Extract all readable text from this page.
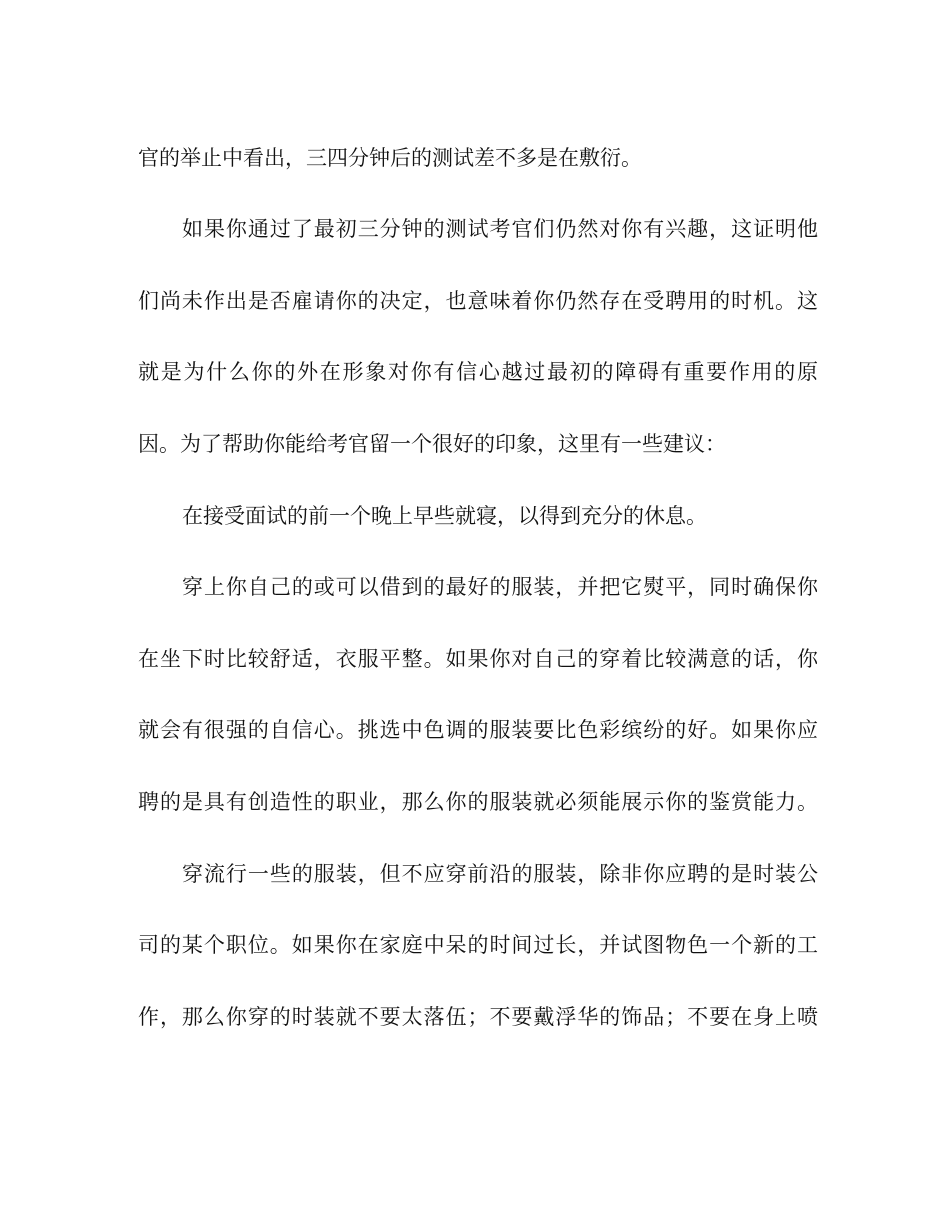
官的举止中看出，三四分钟后的测试差不多是在敷衍。

如果你通过了最初三分钟的测试考官们仍然对你有兴趣，这证明他

们尚未作出是否雇请你的决定，也意味着你仍然存在受聘用的时机。这

就是为什么你的外在形象对你有信心越过最初的障碍有重要作用的原

因。为了帮助你能给考官留一个很好的印象，这里有一些建议：

在接受面试的前一个晚上早些就寝，以得到充分的休息。

穿上你自己的或可以借到的最好的服装，并把它熨平，同时确保你

在坐下时比较舒适，衣服平整。如果你对自己的穿着比较满意的话，你

就会有很强的自信心。挑选中色调的服装要比色彩缤纷的好。如果你应

聘的是具有创造性的职业，那么你的服装就必须能展示你的鉴赏能力。

穿流行一些的服装，但不应穿前沿的服装，除非你应聘的是时装公

司的某个职位。如果你在家庭中呆的时间过长，并试图物色一个新的工

作，那么你穿的时装就不要太落伍；不要戴浮华的饰品；不要在身上喷
